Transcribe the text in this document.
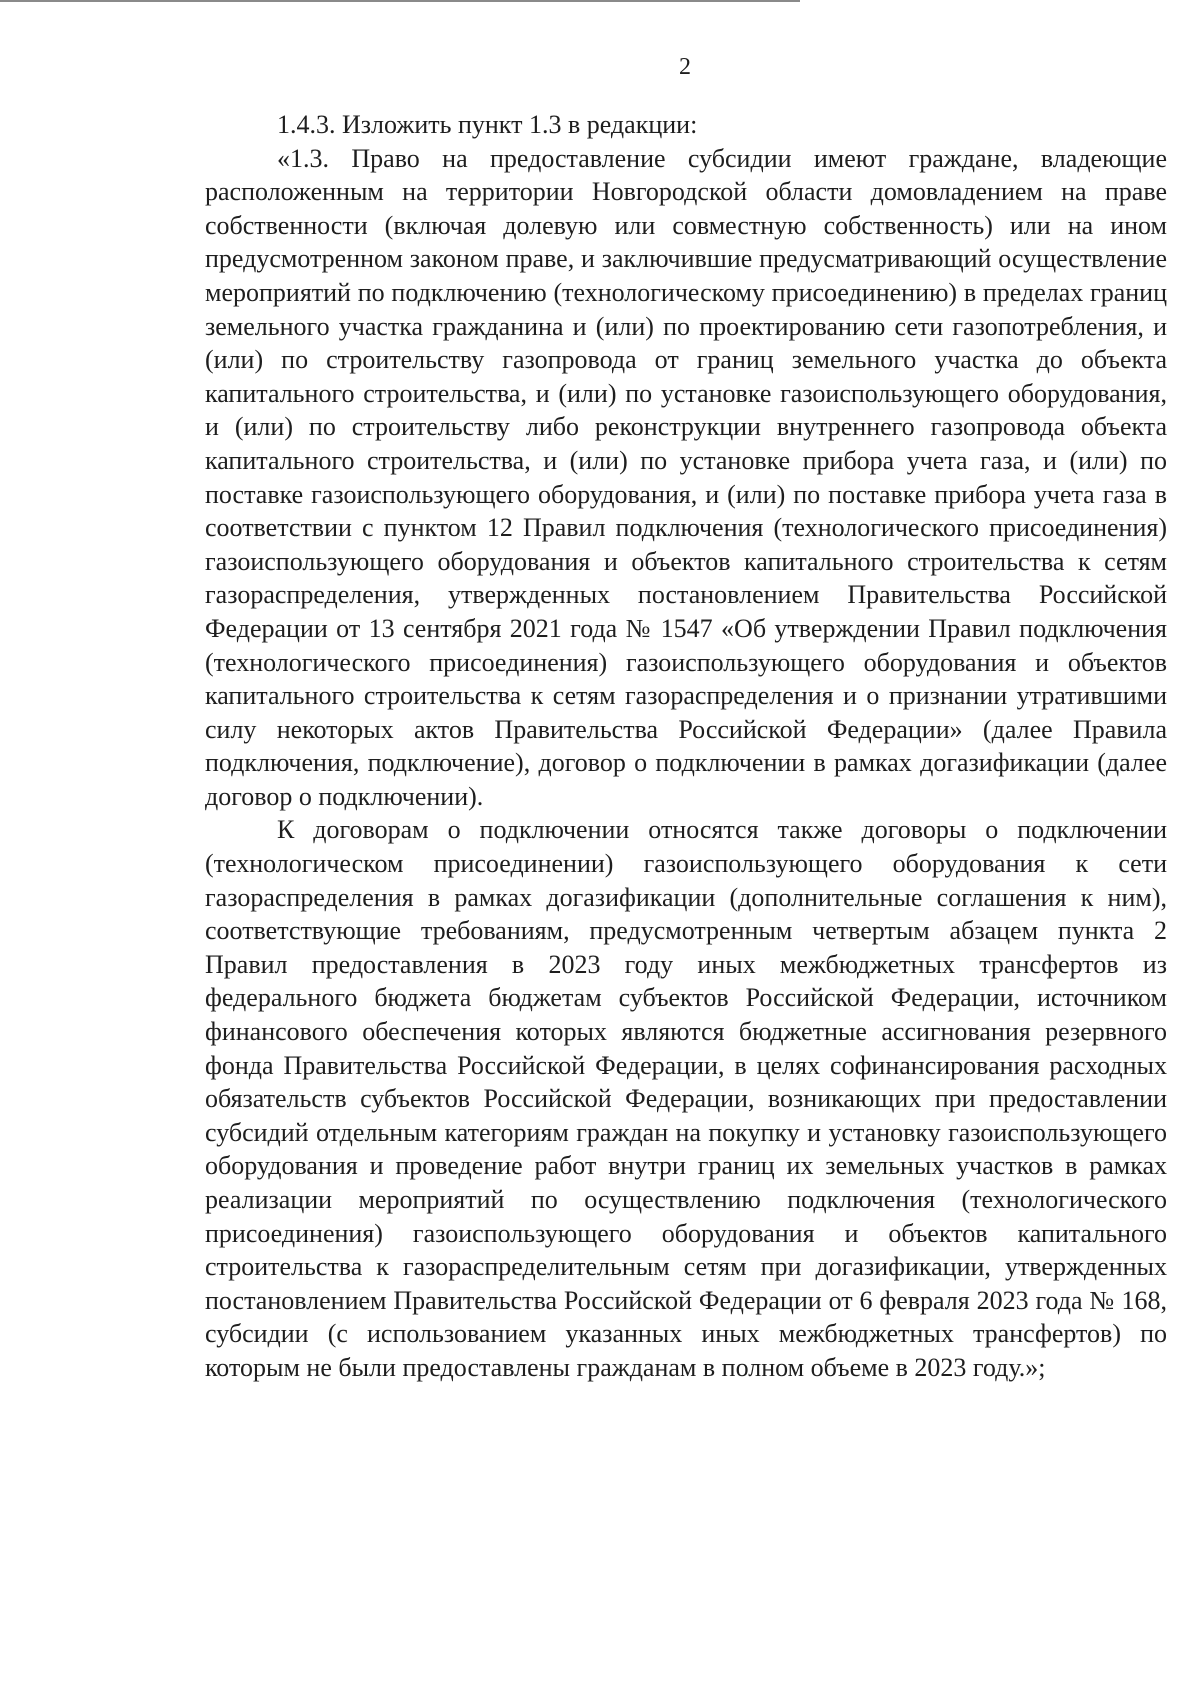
2

1.4.3. Изложить пункт 1.3 в редакции:

«1.3. Право на предоставление субсидии имеют граждане, владеющие расположенным на территории Новгородской области домовладением на праве собственности (включая долевую или совместную собственность) или на ином предусмотренном законом праве, и заключившие предусматривающий осуществление мероприятий по подключению (технологическому присоединению) в пределах границ земельного участка гражданина и (или) по проектированию сети газопотребления, и (или) по строительству газопровода от границ земельного участка до объекта капитального строительства, и (или) по установке газоиспользующего оборудования, и (или) по строительству либо реконструкции внутреннего газопровода объекта капитального строительства, и (или) по установке прибора учета газа, и (или) по поставке газоиспользующего оборудования, и (или) по поставке прибора учета газа в соответствии с пунктом 12 Правил подключения (технологического присоединения) газоиспользующего оборудования и объектов капитального строительства к сетям газораспределения, утвержденных постановлением Правительства Российской Федерации от 13 сентября 2021 года № 1547 «Об утверждении Правил подключения (технологического присоединения) газоиспользующего оборудования и объектов капитального строительства к сетям газораспределения и о признании утратившими силу некоторых актов Правительства Российской Федерации» (далее Правила подключения, подключение), договор о подключении в рамках догазификации (далее договор о подключении).

К договорам о подключении относятся также договоры о подключении (технологическом присоединении) газоиспользующего оборудования к сети газораспределения в рамках догазификации (дополнительные соглашения к ним), соответствующие требованиям, предусмотренным четвертым абзацем пункта 2 Правил предоставления в 2023 году иных межбюджетных трансфертов из федерального бюджета бюджетам субъектов Российской Федерации, источником финансового обеспечения которых являются бюджетные ассигнования резервного фонда Правительства Российской Федерации, в целях софинансирования расходных обязательств субъектов Российской Федерации, возникающих при предоставлении субсидий отдельным категориям граждан на покупку и установку газоиспользующего оборудования и проведение работ внутри границ их земельных участков в рамках реализации мероприятий по осуществлению подключения (технологического присоединения) газоиспользующего оборудования и объектов капитального строительства к газораспределительным сетям при догазификации, утвержденных постановлением Правительства Российской Федерации от 6 февраля 2023 года № 168, субсидии (с использованием указанных иных межбюджетных трансфертов) по которым не были предоставлены гражданам в полном объеме в 2023 году.»;
